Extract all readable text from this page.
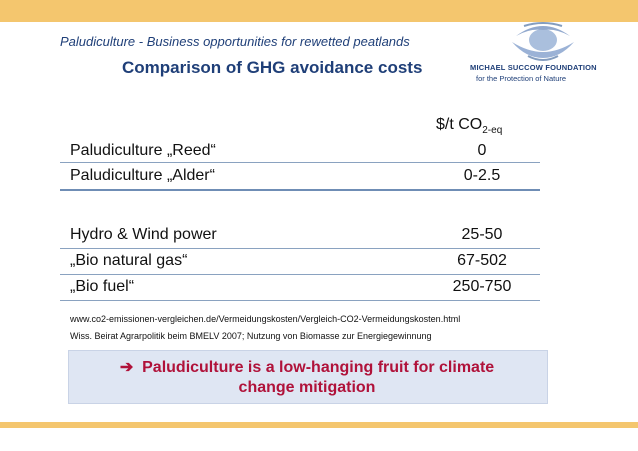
Paludiculture - Business opportunities for rewetted peatlands
Comparison of GHG avoidance costs	MICHAEL SUCCOW FOUNDATION
for the Protection of Nature
$/t $CO_{2-eq}$
Paludiculture „Reed“	0
Paludiculture „Alder“	0-2.5
Hydro & Wind power	25-50
„Bio natural gas“	67-502
„Bio fuel“	250-750
www.co2-emissionen-vergleichen.de/Vermeidungskosten/Vergleich-CO2-Vermeidungskosten.html
Wiss. Beirat Agrarpolitik beim BMELV 2007; Nutzung von Biomasse zur Energiegewinnung
➔ Paludiculture is a low-hanging fruit for climate
change mitigation
